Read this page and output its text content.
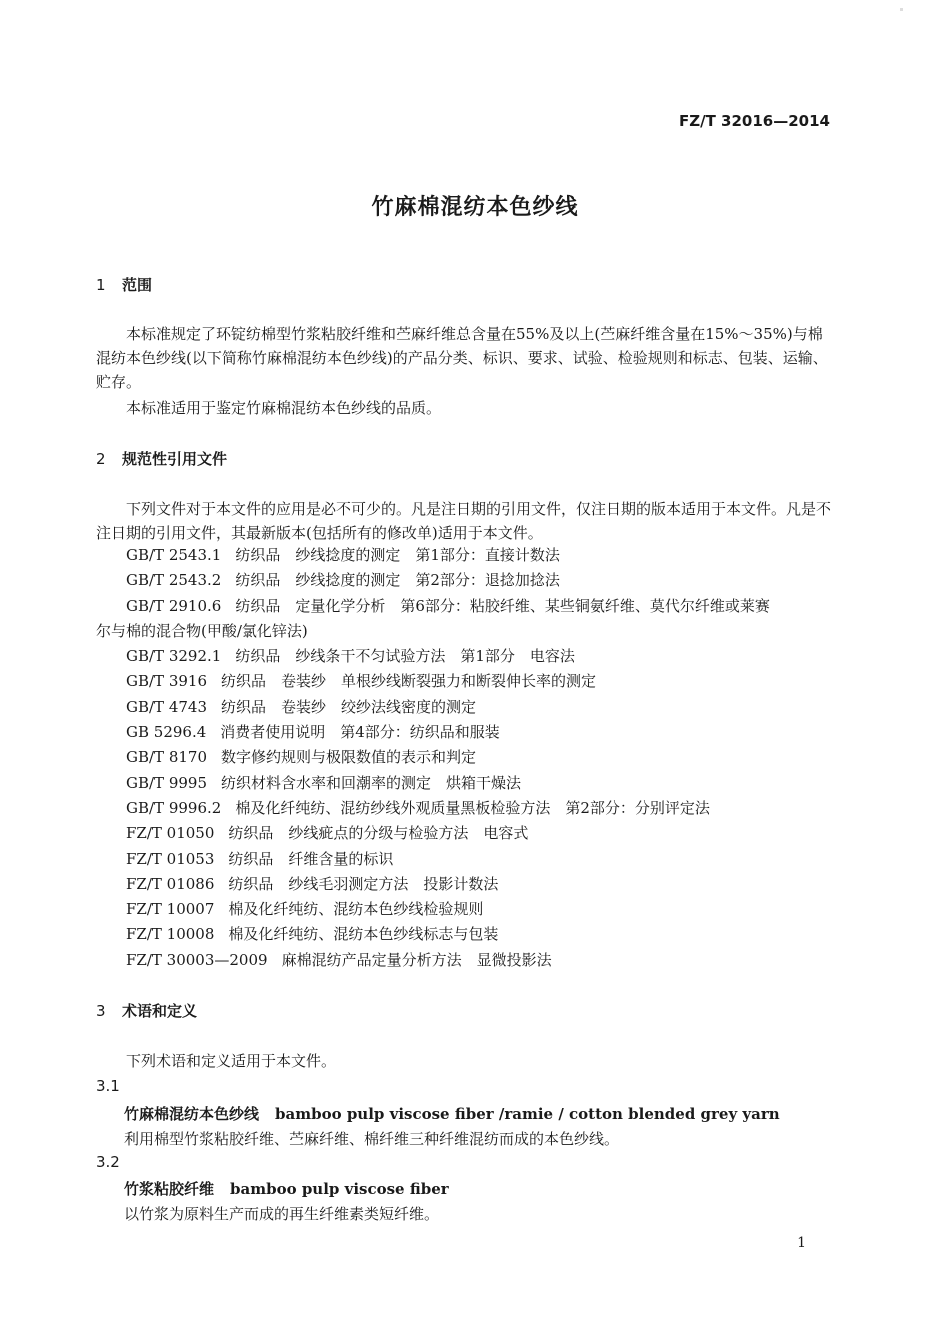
FZ/T 32016—2014
竹麻棉混纺本色纱线
1 范围
本标准规定了环锭纺棉型竹浆粘胶纤维和苎麻纤维总含量在55%及以上(苎麻纤维含量在15%～35%)与棉混纺本色纱线(以下简称竹麻棉混纺本色纱线)的产品分类、标识、要求、试验、检验规则和标志、包装、运输、贮存。
本标准适用于鉴定竹麻棉混纺本色纱线的品质。
2 规范性引用文件
下列文件对于本文件的应用是必不可少的。凡是注日期的引用文件，仅注日期的版本适用于本文件。凡是不注日期的引用文件，其最新版本(包括所有的修改单)适用于本文件。
GB/T 2543.1 纺织品　纱线捻度的测定　第1部分：直接计数法
GB/T 2543.2 纺织品　纱线捻度的测定　第2部分：退捻加捻法
GB/T 2910.6 纺织品　定量化学分析　第6部分：粘胶纤维、某些铜氨纤维、莫代尔纤维或莱赛
尔与棉的混合物(甲酸/氯化锌法)
GB/T 3292.1 纺织品　纱线条干不匀试验方法　第1部分　电容法
GB/T 3916 纺织品　卷装纱　单根纱线断裂强力和断裂伸长率的测定
GB/T 4743 纺织品　卷装纱　绞纱法线密度的测定
GB 5296.4 消费者使用说明　第4部分：纺织品和服装
GB/T 8170 数字修约规则与极限数值的表示和判定
GB/T 9995 纺织材料含水率和回潮率的测定　烘箱干燥法
GB/T 9996.2 棉及化纤纯纺、混纺纱线外观质量黑板检验方法　第2部分：分别评定法
FZ/T 01050 纺织品　纱线疵点的分级与检验方法　电容式
FZ/T 01053 纺织品　纤维含量的标识
FZ/T 01086 纺织品　纱线毛羽测定方法　投影计数法
FZ/T 10007 棉及化纤纯纺、混纺本色纱线检验规则
FZ/T 10008 棉及化纤纯纺、混纺本色纱线标志与包装
FZ/T 30003—2009 麻棉混纺产品定量分析方法　显微投影法
3 术语和定义
下列术语和定义适用于本文件。
3.1
竹麻棉混纺本色纱线 bamboo pulp viscose fiber /ramie / cotton blended grey yarn
利用棉型竹浆粘胶纤维、苎麻纤维、棉纤维三种纤维混纺而成的本色纱线。
3.2
竹浆粘胶纤维 bamboo pulp viscose fiber
以竹浆为原料生产而成的再生纤维素类短纤维。
1
